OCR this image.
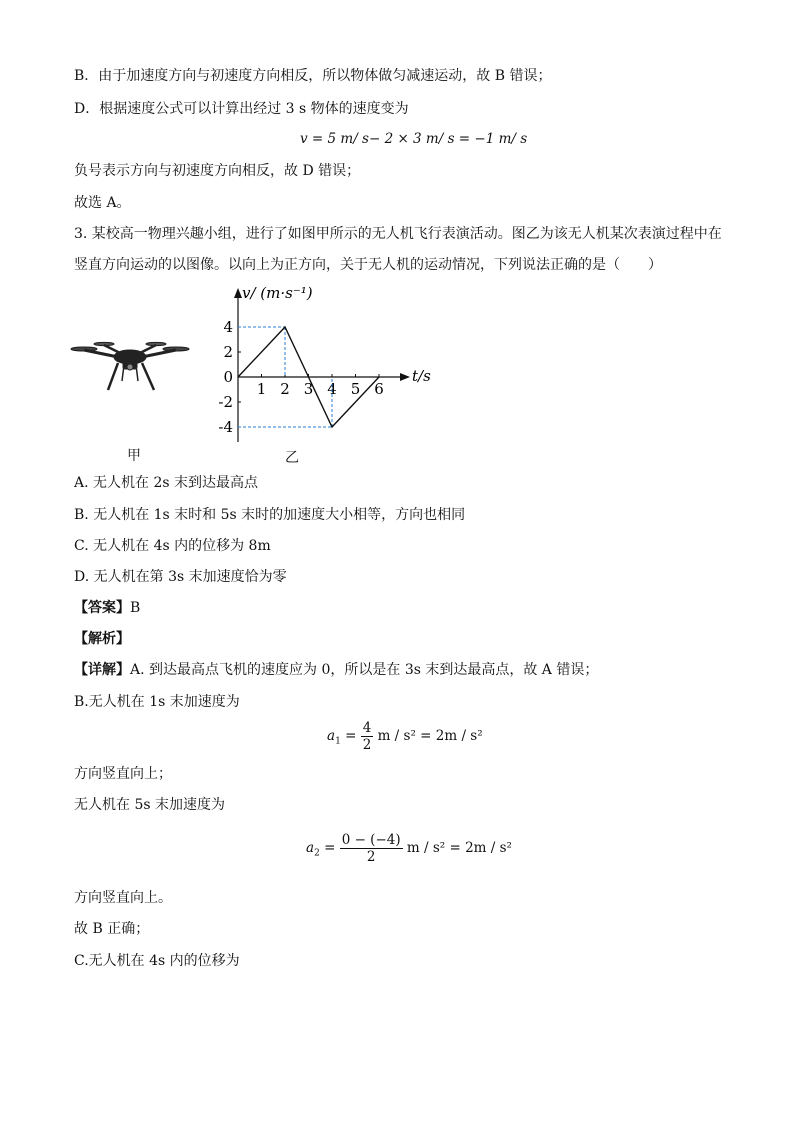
B．由于加速度方向与初速度方向相反，所以物体做匀减速运动，故 B 错误；
D．根据速度公式可以计算出经过 3 s 物体的速度变为
v = 5 m/ s− 2 × 3 m/ s = −1 m/ s
负号表示方向与初速度方向相反，故 D 错误；
故选 A。
3. 某校高一物理兴趣小组，进行了如图甲所示的无人机飞行表演活动。图乙为该无人机某次表演过程中在
竖直方向运动的以图像。以向上为正方向，关于无人机的运动情况，下列说法正确的是（　　）
甲
v/ (m·s⁻¹)
t/s
4
2
0
-2
-4
1 2 3 4 5 6
乙
A. 无人机在 2s 末到达最高点
B. 无人机在 1s 末时和 5s 末时的加速度大小相等，方向也相同
C. 无人机在 4s 内的位移为 8m
D. 无人机在第 3s 末加速度恰为零
【答案】B
【解析】
【详解】A. 到达最高点飞机的速度应为 0，所以是在 3s 末到达最高点，故 A 错误；
B.无人机在 1s 末加速度为
$a_1 = \frac{4}{2}$ m / s² = 2m / s²
方向竖直向上；
无人机在 5s 末加速度为
$a_2 = \frac{0 - (-4)}{2}$ m / s² = 2m / s²
方向竖直向上。
故 B 正确；
C.无人机在 4s 内的位移为
